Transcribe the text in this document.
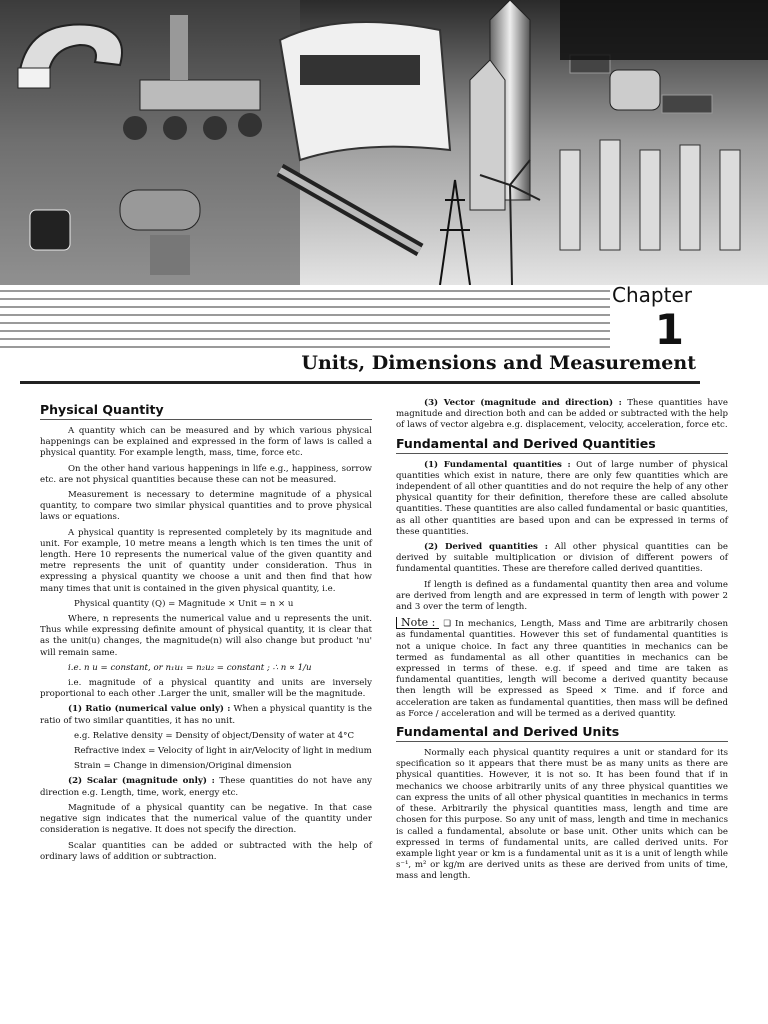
Chapter
1
Units, Dimensions and Measurement
Physical Quantity

A quantity which can be measured and by which various physical happenings can be explained and expressed in the form of laws is called a physical quantity. For example length, mass, time, force etc.

On the other hand various happenings in life e.g., happiness, sorrow etc. are not physical quantities because these can not be measured.

Measurement is necessary to determine magnitude of a physical quantity, to compare two similar physical quantities and to prove physical laws or equations.

A physical quantity is represented completely by its magnitude and unit. For example, 10 metre means a length which is ten times the unit of length. Here 10 represents the numerical value of the given quantity and metre represents the unit of quantity under consideration. Thus in expressing a physical quantity we choose a unit and then find that how many times that unit is contained in the given physical quantity, i.e.

Physical quantity (Q) = Magnitude × Unit = n × u

Where, n represents the numerical value and u represents the unit. Thus while expressing definite amount of physical quantity, it is clear that as the unit(u) changes, the magnitude(n) will also change but product 'nu' will remain same.

i.e. n u = constant, or n₁u₁ = n₂u₂ = constant ; ∴ n ∝ 1/u

i.e. magnitude of a physical quantity and units are inversely proportional to each other .Larger the unit, smaller will be the magnitude.

(1) Ratio (numerical value only) : When a physical quantity is the ratio of two similar quantities, it has no unit.

e.g. Relative density = Density of object/Density of water at 4°C

Refractive index = Velocity of light in air/Velocity of light in medium

Strain = Change in dimension/Original dimension

(2) Scalar (magnitude only) : These quantities do not have any direction e.g. Length, time, work, energy etc.

Magnitude of a physical quantity can be negative. In that case negative sign indicates that the numerical value of the quantity under consideration is negative. It does not specify the direction.

Scalar quantities can be added or subtracted with the help of ordinary laws of addition or subtraction.

(3) Vector (magnitude and direction) : These quantities have magnitude and direction both and can be added or subtracted with the help of laws of vector algebra e.g. displacement, velocity, acceleration, force etc.

Fundamental and Derived Quantities

(1) Fundamental quantities : Out of large number of physical quantities which exist in nature, there are only few quantities which are independent of all other quantities and do not require the help of any other physical quantity for their definition, therefore these are called absolute quantities. These quantities are also called fundamental or basic quantities, as all other quantities are based upon and can be expressed in terms of these quantities.

(2) Derived quantities : All other physical quantities can be derived by suitable multiplication or division of different powers of fundamental quantities. These are therefore called derived quantities.

If length is defined as a fundamental quantity then area and volume are derived from length and are expressed in term of length with power 2 and 3 over the term of length.

Note : ❑ In mechanics, Length, Mass and Time are arbitrarily chosen as fundamental quantities. However this set of fundamental quantities is not a unique choice. In fact any three quantities in mechanics can be termed as fundamental as all other quantities in mechanics can be expressed in terms of these. e.g. if speed and time are taken as fundamental quantities, length will become a derived quantity because then length will be expressed as Speed × Time. and if force and acceleration are taken as fundamental quantities, then mass will be defined as Force / acceleration and will be termed as a derived quantity.

Fundamental and Derived Units

Normally each physical quantity requires a unit or standard for its specification so it appears that there must be as many units as there are physical quantities. However, it is not so. It has been found that if in mechanics we choose arbitrarily units of any three physical quantities we can express the units of all other physical quantities in mechanics in terms of these. Arbitrarily the physical quantities mass, length and time are chosen for this purpose. So any unit of mass, length and time in mechanics is called a fundamental, absolute or base unit. Other units which can be expressed in terms of fundamental units, are called derived units. For example light year or km is a fundamental unit as it is a unit of length while s⁻¹, m² or kg/m are derived units as these are derived from units of time, mass and length.
